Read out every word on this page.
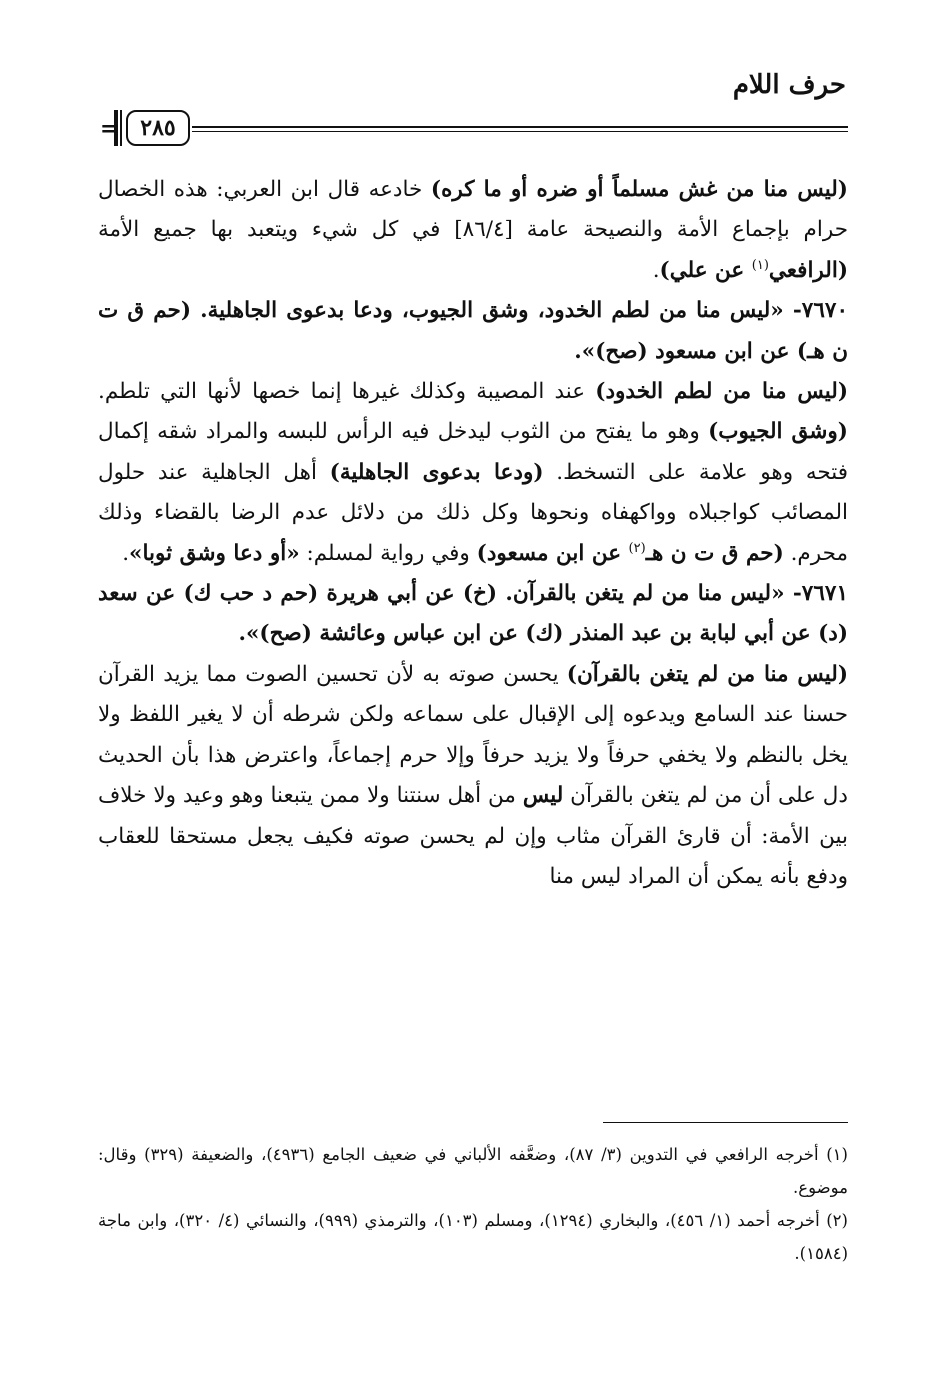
حرف اللام
٢٨٥
=

(ليس منا من غش مسلماً أو ضره أو ما كره) خادعه قال ابن العربي: هذه الخصال حرام بإجماع الأمة والنصيحة عامة [٨٦/٤] في كل شيء ويتعبد بها جميع الأمة (الرافعي$^{(١)}$ عن علي).

٧٦٧٠- «ليس منا من لطم الخدود، وشق الجيوب، ودعا بدعوى الجاهلية. (حم ق ت ن هـ) عن ابن مسعود (صح)».

(ليس منا من لطم الخدود) عند المصيبة وكذلك غيرها إنما خصها لأنها التي تلطم. (وشق الجيوب) وهو ما يفتح من الثوب ليدخل فيه الرأس للبسه والمراد شقه إكمال فتحه وهو علامة على التسخط. (ودعا بدعوى الجاهلية) أهل الجاهلية عند حلول المصائب كواجبلاه وواكهفاه ونحوها وكل ذلك من دلائل عدم الرضا بالقضاء وذلك محرم. (حم ق ت ن هـ$^{(٢)}$ عن ابن مسعود) وفي رواية لمسلم: «أو دعا وشق ثوبا».

٧٦٧١- «ليس منا من لم يتغن بالقرآن. (خ) عن أبي هريرة (حم د حب ك) عن سعد (د) عن أبي لبابة بن عبد المنذر (ك) عن ابن عباس وعائشة (صح)».

(ليس منا من لم يتغن بالقرآن) يحسن صوته به لأن تحسين الصوت مما يزيد القرآن حسنا عند السامع ويدعوه إلى الإقبال على سماعه ولكن شرطه أن لا يغير اللفظ ولا يخل بالنظم ولا يخفي حرفاً ولا يزيد حرفاً وإلا حرم إجماعاً، واعترض هذا بأن الحديث دل على أن من لم يتغن بالقرآن ليس من أهل سنتنا ولا ممن يتبعنا وهو وعيد ولا خلاف بين الأمة: أن قارئ القرآن مثاب وإن لم يحسن صوته فكيف يجعل مستحقا للعقاب ودفع بأنه يمكن أن المراد ليس منا

(١) أخرجه الرافعي في التدوين (٣/ ٨٧)، وضعَّفه الألباني في ضعيف الجامع (٤٩٣٦)، والضعيفة (٣٢٩) وقال: موضوع.

(٢) أخرجه أحمد (١/ ٤٥٦)، والبخاري (١٢٩٤)، ومسلم (١٠٣)، والترمذي (٩٩٩)، والنسائي (٤/ ٣٢٠)، وابن ماجة (١٥٨٤).
